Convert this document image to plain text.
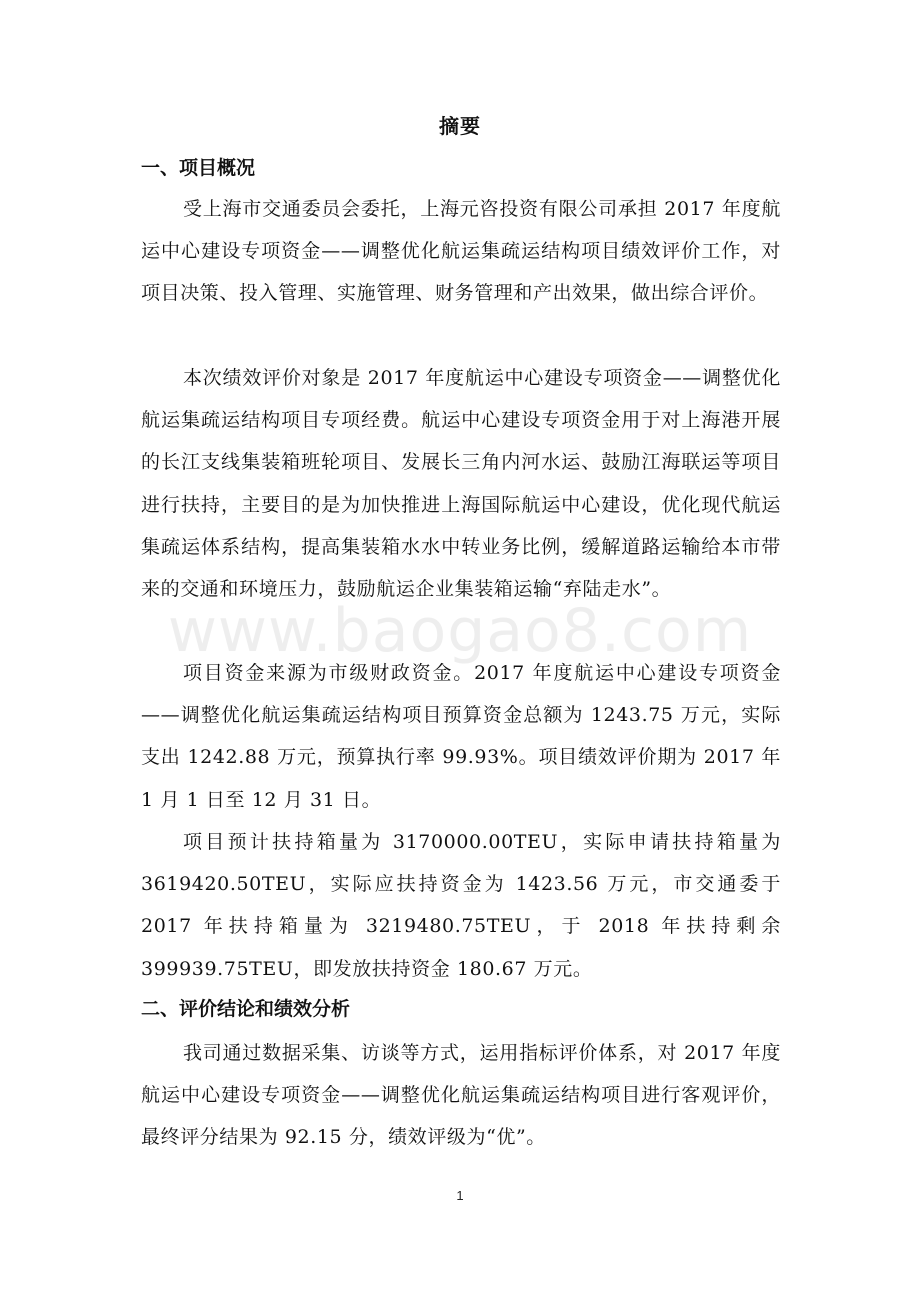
摘要
一、项目概况

受上海市交通委员会委托，上海元咨投资有限公司承担 2017 年度航运中心建设专项资金——调整优化航运集疏运结构项目绩效评价工作，对项目决策、投入管理、实施管理、财务管理和产出效果，做出综合评价。

本次绩效评价对象是 2017 年度航运中心建设专项资金——调整优化航运集疏运结构项目专项经费。航运中心建设专项资金用于对上海港开展的长江支线集装箱班轮项目、发展长三角内河水运、鼓励江海联运等项目进行扶持，主要目的是为加快推进上海国际航运中心建设，优化现代航运集疏运体系结构，提高集装箱水水中转业务比例，缓解道路运输给本市带来的交通和环境压力，鼓励航运企业集装箱运输“弃陆走水”。

项目资金来源为市级财政资金。2017 年度航运中心建设专项资金——调整优化航运集疏运结构项目预算资金总额为 1243.75 万元，实际支出 1242.88 万元，预算执行率 99.93%。项目绩效评价期为 2017 年 1 月 1 日至 12 月 31 日。

项目预计扶持箱量为 3170000.00TEU，实际申请扶持箱量为 3619420.50TEU，实际应扶持资金为 1423.56 万元，市交通委于 2017 年扶持箱量为 3219480.75TEU，于 2018 年扶持剩余 399939.75TEU，即发放扶持资金 180.67 万元。

二、评价结论和绩效分析

我司通过数据采集、访谈等方式，运用指标评价体系，对 2017 年度航运中心建设专项资金——调整优化航运集疏运结构项目进行客观评价，最终评分结果为 92.15 分，绩效评级为“优”。

www.baogao8.com
1
